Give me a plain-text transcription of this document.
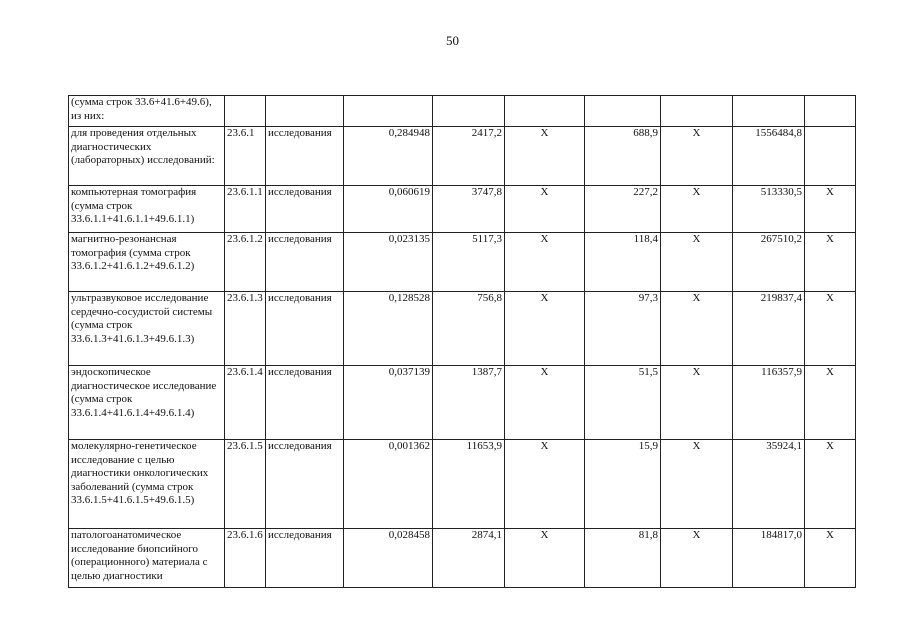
50
(сумма строк 33.6+41.6+49.6), из них:									
для проведения отдельных диагностических (лабораторных) исследований:	23.6.1	исследования	0,284948	2417,2	X	688,9	X	1556484,8	
компьютерная томография (сумма строк 33.6.1.1+41.6.1.1+49.6.1.1)	23.6.1.1	исследования	0,060619	3747,8	X	227,2	X	513330,5	X
магнитно-резонансная томография (сумма строк 33.6.1.2+41.6.1.2+49.6.1.2)	23.6.1.2	исследования	0,023135	5117,3	X	118,4	X	267510,2	X
ультразвуковое исследование сердечно-сосудистой системы (сумма строк 33.6.1.3+41.6.1.3+49.6.1.3)	23.6.1.3	исследования	0,128528	756,8	X	97,3	X	219837,4	X
эндоскопическое диагностическое исследование (сумма строк 33.6.1.4+41.6.1.4+49.6.1.4)	23.6.1.4	исследования	0,037139	1387,7	X	51,5	X	116357,9	X
молекулярно-генетическое исследование с целью диагностики онкологических заболеваний (сумма строк 33.6.1.5+41.6.1.5+49.6.1.5)	23.6.1.5	исследования	0,001362	11653,9	X	15,9	X	35924,1	X
патологоанатомическое исследование биопсийного (операционного) материала с целью диагностики	23.6.1.6	исследования	0,028458	2874,1	X	81,8	X	184817,0	X
